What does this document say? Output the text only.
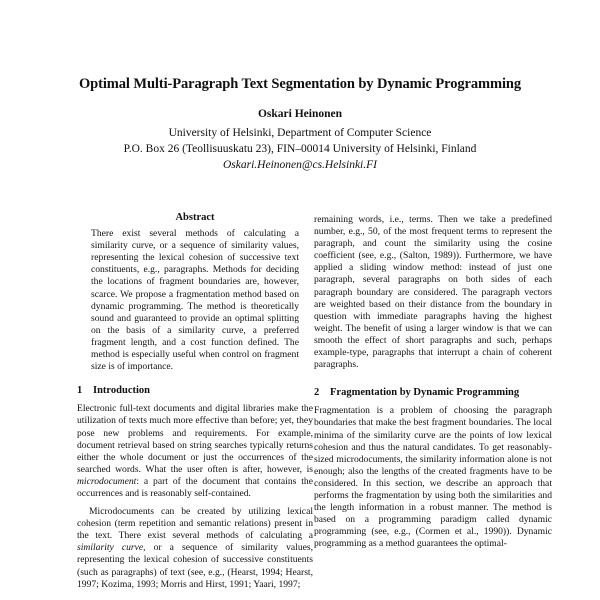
Optimal Multi-Paragraph Text Segmentation by Dynamic Programming
Oskari Heinonen
University of Helsinki, Department of Computer Science
P.O. Box 26 (Teollisuuskatu 23), FIN–00014 University of Helsinki, Finland
Oskari.Heinonen@cs.Helsinki.FI
Abstract

There exist several methods of calculating a similarity curve, or a sequence of similarity values, representing the lexical cohesion of successive text constituents, e.g., paragraphs. Methods for deciding the locations of fragment boundaries are, however, scarce. We propose a fragmentation method based on dynamic programming. The method is theoretically sound and guaranteed to provide an optimal splitting on the basis of a similarity curve, a preferred fragment length, and a cost function defined. The method is especially useful when control on fragment size is of importance.

1	Introduction

Electronic full-text documents and digital libraries make the utilization of texts much more effective than before; yet, they pose new problems and requirements. For example, document retrieval based on string searches typically returns either the whole document or just the occurrences of the searched words. What the user often is after, however, is microdocument: a part of the document that contains the occurrences and is reasonably self-contained.

Microdocuments can be created by utilizing lexical cohesion (term repetition and semantic relations) present in the text. There exist several methods of calculating a similarity curve, or a sequence of similarity values, representing the lexical cohesion of successive constituents (such as paragraphs) of text (see, e.g., (Hearst, 1994; Hearst, 1997; Kozima, 1993; Morris and Hirst, 1991; Yaari, 1997;

remaining words, i.e., terms. Then we take a predefined number, e.g., 50, of the most frequent terms to represent the paragraph, and count the similarity using the cosine coefficient (see, e.g., (Salton, 1989)). Furthermore, we have applied a sliding window method: instead of just one paragraph, several paragraphs on both sides of each paragraph boundary are considered. The paragraph vectors are weighted based on their distance from the boundary in question with immediate paragraphs having the highest weight. The benefit of using a larger window is that we can smooth the effect of short paragraphs and such, perhaps example-type, paragraphs that interrupt a chain of coherent paragraphs.

2	Fragmentation by Dynamic Programming

Fragmentation is a problem of choosing the paragraph boundaries that make the best fragment boundaries. The local minima of the similarity curve are the points of low lexical cohesion and thus the natural candidates. To get reasonably-sized microdocuments, the similarity information alone is not enough; also the lengths of the created fragments have to be considered. In this section, we describe an approach that performs the fragmentation by using both the similarities and the length information in a robust manner. The method is based on a programming paradigm called dynamic programming (see, e.g., (Cormen et al., 1990)). Dynamic programming as a method guarantees the optimal-
